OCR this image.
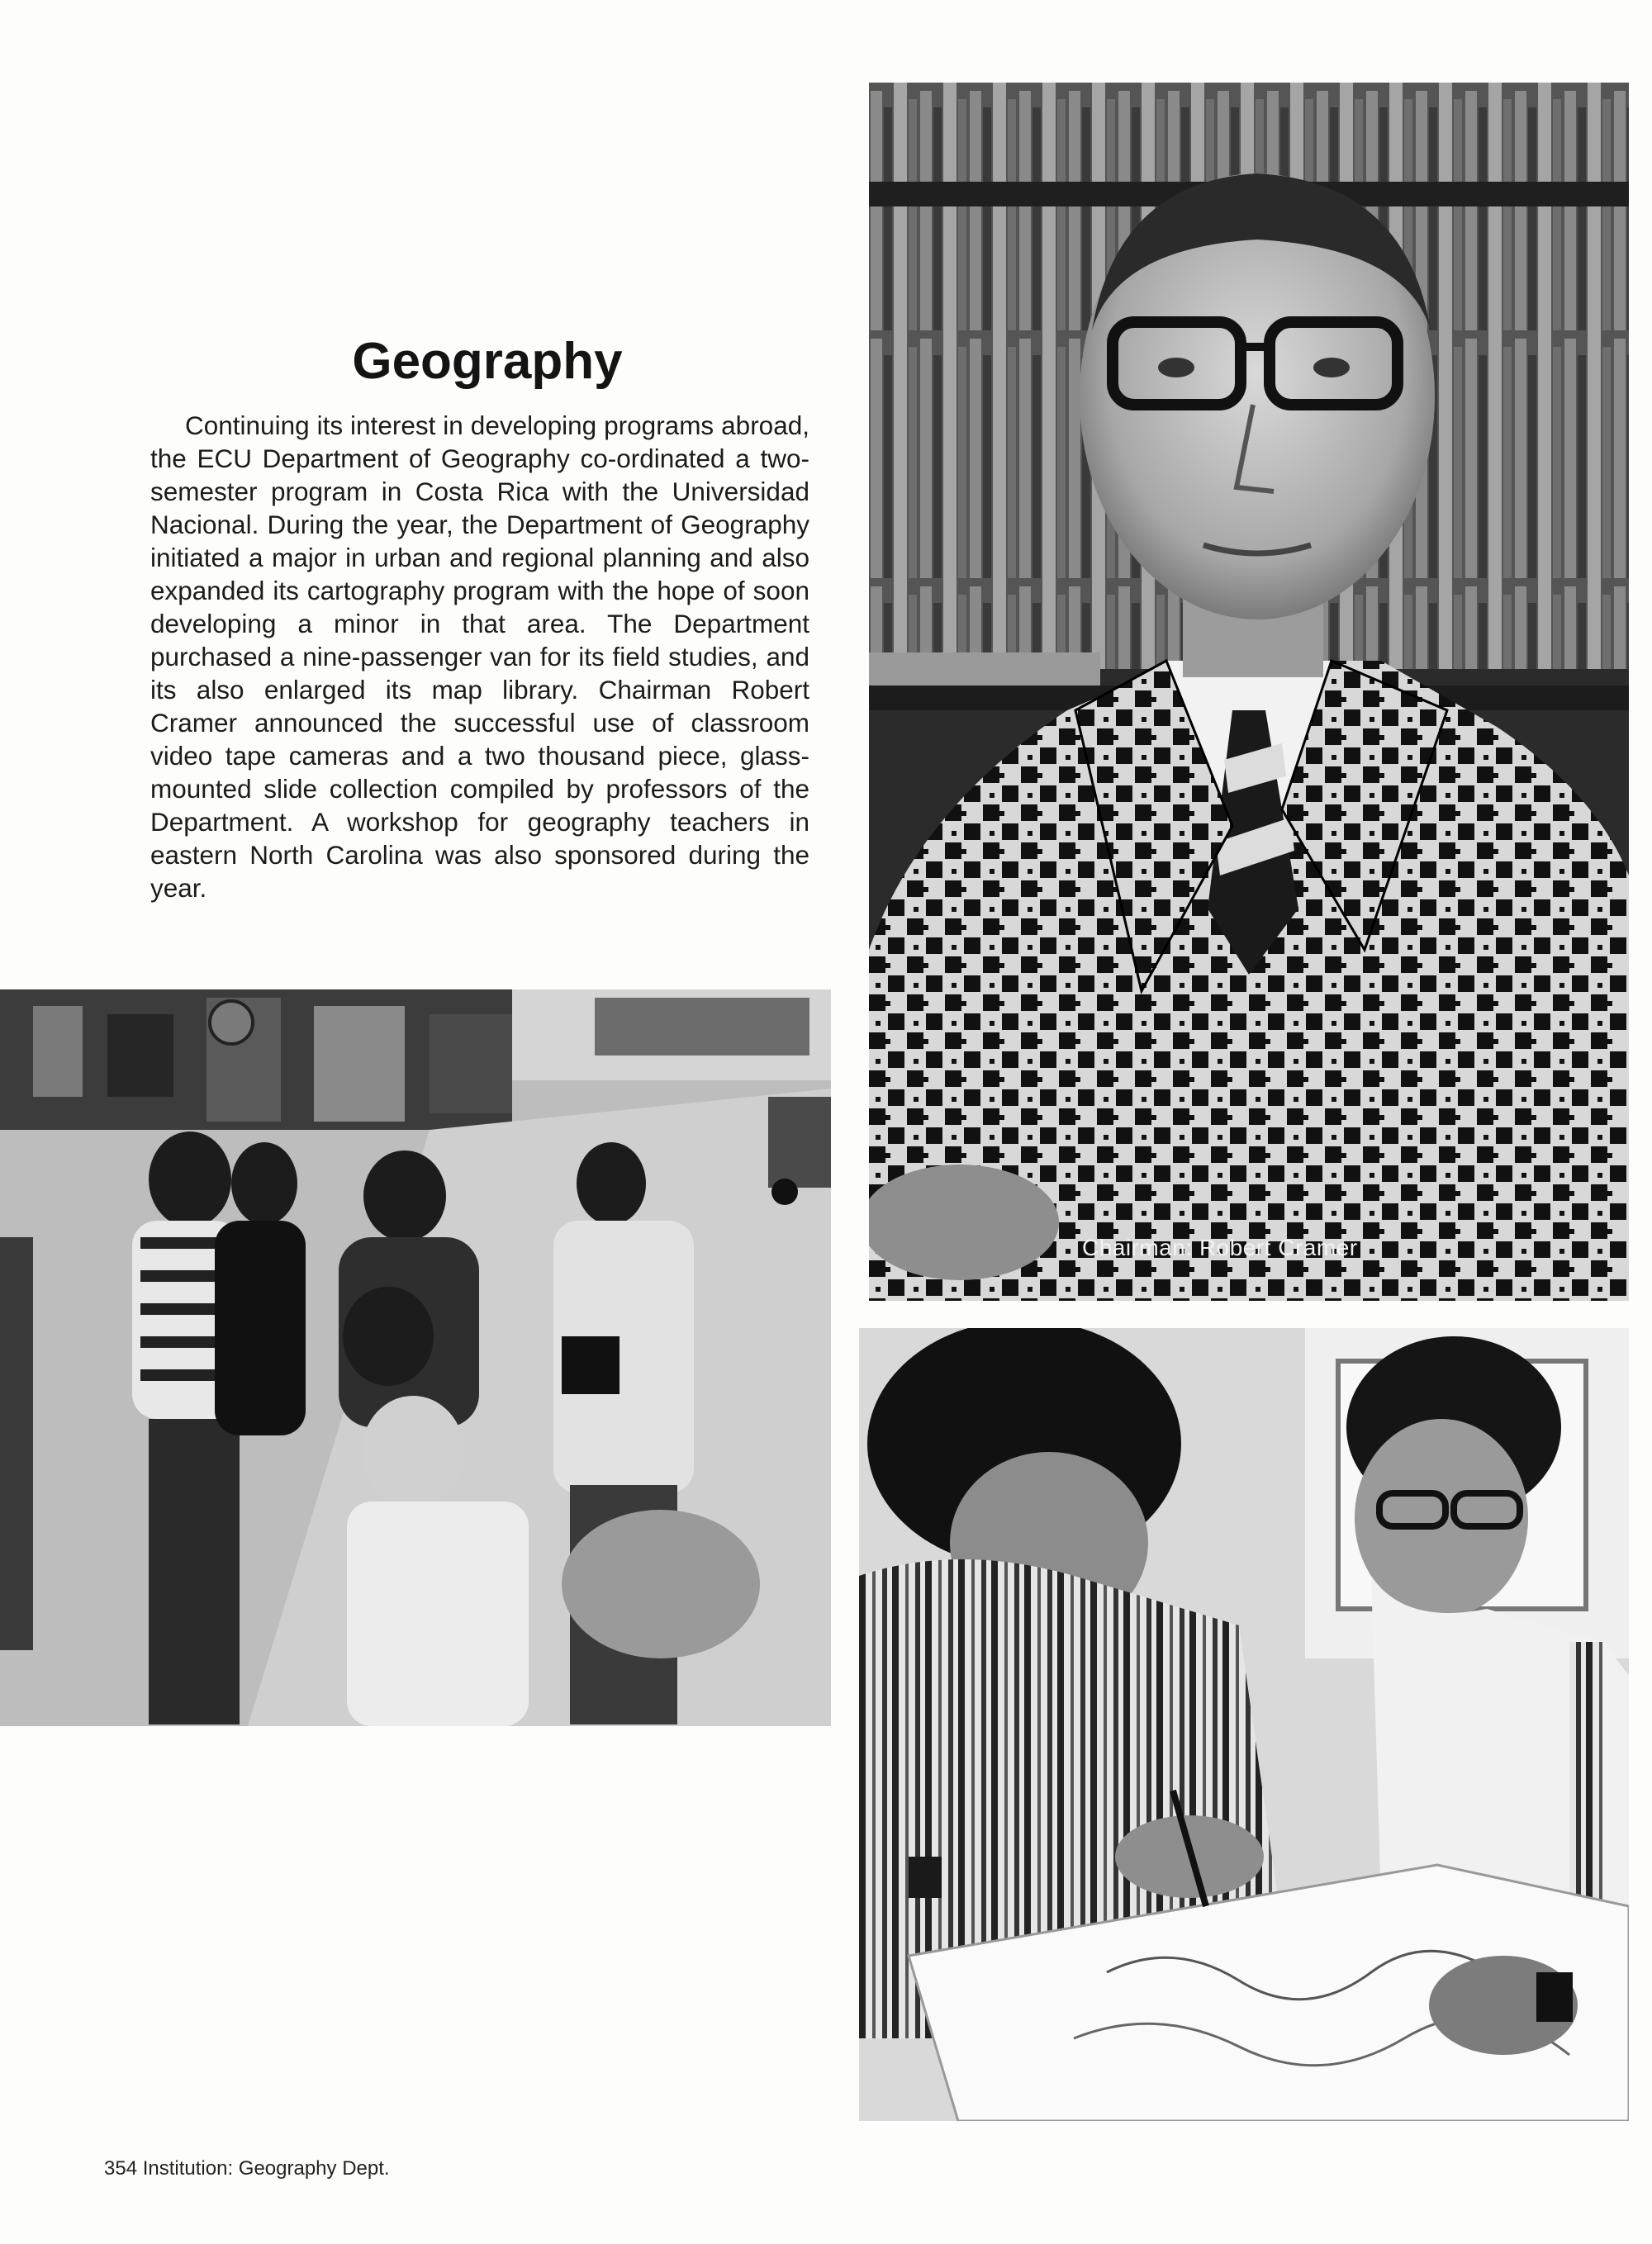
Geography

Continuing its interest in developing programs abroad, the ECU Department of Geography co-ordinated a two-semester program in Costa Rica with the Universidad Nacional. During the year, the Department of Geography initiated a major in urban and regional planning and also expanded its cartography program with the hope of soon developing a minor in that area. The Department purchased a nine-passenger van for its field studies, and its also enlarged its map library. Chairman Robert Cramer announced the successful use of classroom video tape cameras and a two thousand piece, glass-mounted slide collection compiled by professors of the Department. A workshop for geography teachers in eastern North Carolina was also sponsored during the year.

Chairman: Robert Cramer
354 Institution: Geography Dept.
